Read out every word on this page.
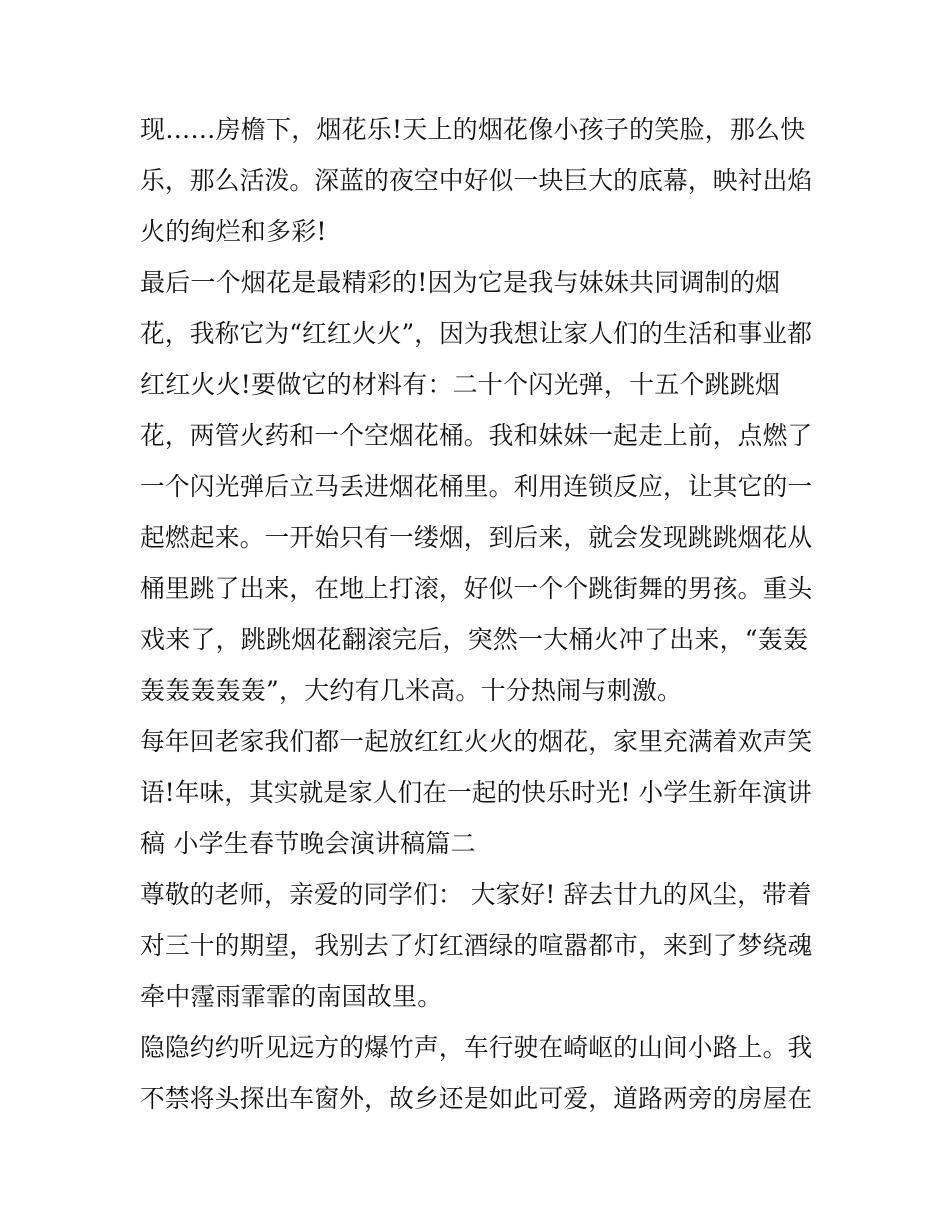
现……房檐下，烟花乐!天上的烟花像小孩子的笑脸，那么快
乐，那么活泼。深蓝的夜空中好似一块巨大的底幕，映衬出焰
火的绚烂和多彩!
最后一个烟花是最精彩的!因为它是我与妹妹共同调制的烟
花，我称它为“红红火火”，因为我想让家人们的生活和事业都
红红火火!要做它的材料有：二十个闪光弹，十五个跳跳烟
花，两管火药和一个空烟花桶。我和妹妹一起走上前，点燃了
一个闪光弹后立马丢进烟花桶里。利用连锁反应，让其它的一
起燃起来。一开始只有一缕烟，到后来，就会发现跳跳烟花从
桶里跳了出来，在地上打滚，好似一个个跳街舞的男孩。重头
戏来了，跳跳烟花翻滚完后，突然一大桶火冲了出来，“轰轰
轰轰轰轰轰”，大约有几米高。十分热闹与刺激。
每年回老家我们都一起放红红火火的烟花，家里充满着欢声笑
语!年味，其实就是家人们在一起的快乐时光! 小学生新年演讲
稿 小学生春节晚会演讲稿篇二
尊敬的老师，亲爱的同学们： 大家好! 辞去廿九的风尘，带着
对三十的期望，我别去了灯红酒绿的喧嚣都市，来到了梦绕魂
牵中霪雨霏霏的南国故里。
隐隐约约听见远方的爆竹声，车行驶在崎岖的山间小路上。我
不禁将头探出车窗外，故乡还是如此可爱，道路两旁的房屋在
